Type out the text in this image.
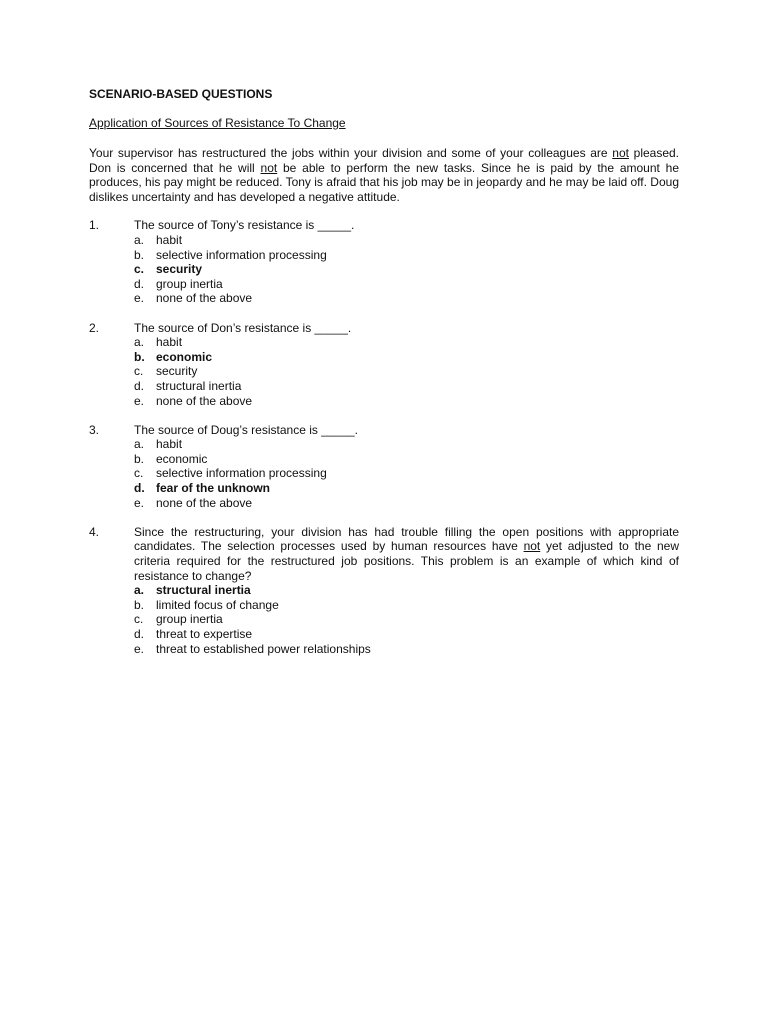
SCENARIO-BASED QUESTIONS
Application of Sources of Resistance To Change

Your supervisor has restructured the jobs within your division and some of your colleagues are not pleased. Don is concerned that he will not be able to perform the new tasks. Since he is paid by the amount he produces, his pay might be reduced. Tony is afraid that his job may be in jeopardy and he may be laid off. Doug dislikes uncertainty and has developed a negative attitude.

1.	The source of Tony’s resistance is _____.
a. habit
b. selective information processing
c. security
d. group inertia
e. none of the above
2.	The source of Don’s resistance is _____.
a. habit
b. economic
c. security
d. structural inertia
e. none of the above
3.	The source of Doug’s resistance is _____.
a. habit
b. economic
c. selective information processing
d. fear of the unknown
e. none of the above
4.	Since the restructuring, your division has had trouble filling the open positions with appropriate candidates. The selection processes used by human resources have not yet adjusted to the new criteria required for the restructured job positions. This problem is an example of which kind of resistance to change?
a. structural inertia
b. limited focus of change
c. group inertia
d. threat to expertise
e. threat to established power relationships
